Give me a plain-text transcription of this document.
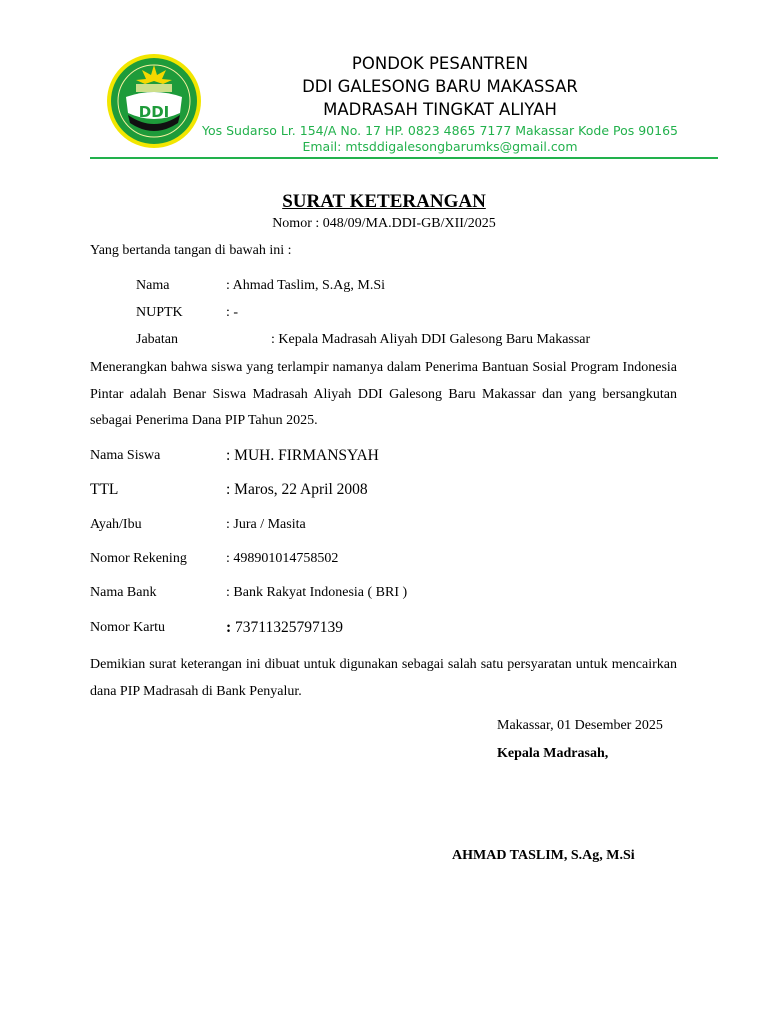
DDI
PONDOK PESANTREN
DDI GALESONG BARU MAKASSAR
MADRASAH TINGKAT ALIYAH
Yos Sudarso Lr. 154/A No. 17 HP. 0823 4865 7177 Makassar Kode Pos 90165
Email: mtsddigalesongbarumks@gmail.com
SURAT KETERANGAN
Nomor : 048/09/MA.DDI-GB/XII/2025
Yang bertanda tangan di bawah ini :
Nama	: Ahmad Taslim, S.Ag, M.Si
NUPTK	: -
Jabatan	: Kepala Madrasah Aliyah DDI Galesong Baru Makassar
Menerangkan bahwa siswa yang terlampir namanya dalam Penerima Bantuan Sosial Program Indonesia Pintar adalah Benar Siswa Madrasah Aliyah DDI Galesong Baru Makassar dan yang bersangkutan sebagai Penerima Dana PIP Tahun 2025.
Nama Siswa	: MUH. FIRMANSYAH
TTL	: Maros, 22 April 2008
Ayah/Ibu	: Jura / Masita
Nomor Rekening	: 498901014758502
Nama Bank	: Bank Rakyat Indonesia ( BRI )
Nomor Kartu	: 73711325797139
Demikian surat keterangan ini dibuat untuk digunakan sebagai salah satu persyaratan untuk mencairkan dana PIP Madrasah di Bank Penyalur.
Makassar, 01 Desember 2025
Kepala Madrasah,
AHMAD TASLIM, S.Ag, M.Si
